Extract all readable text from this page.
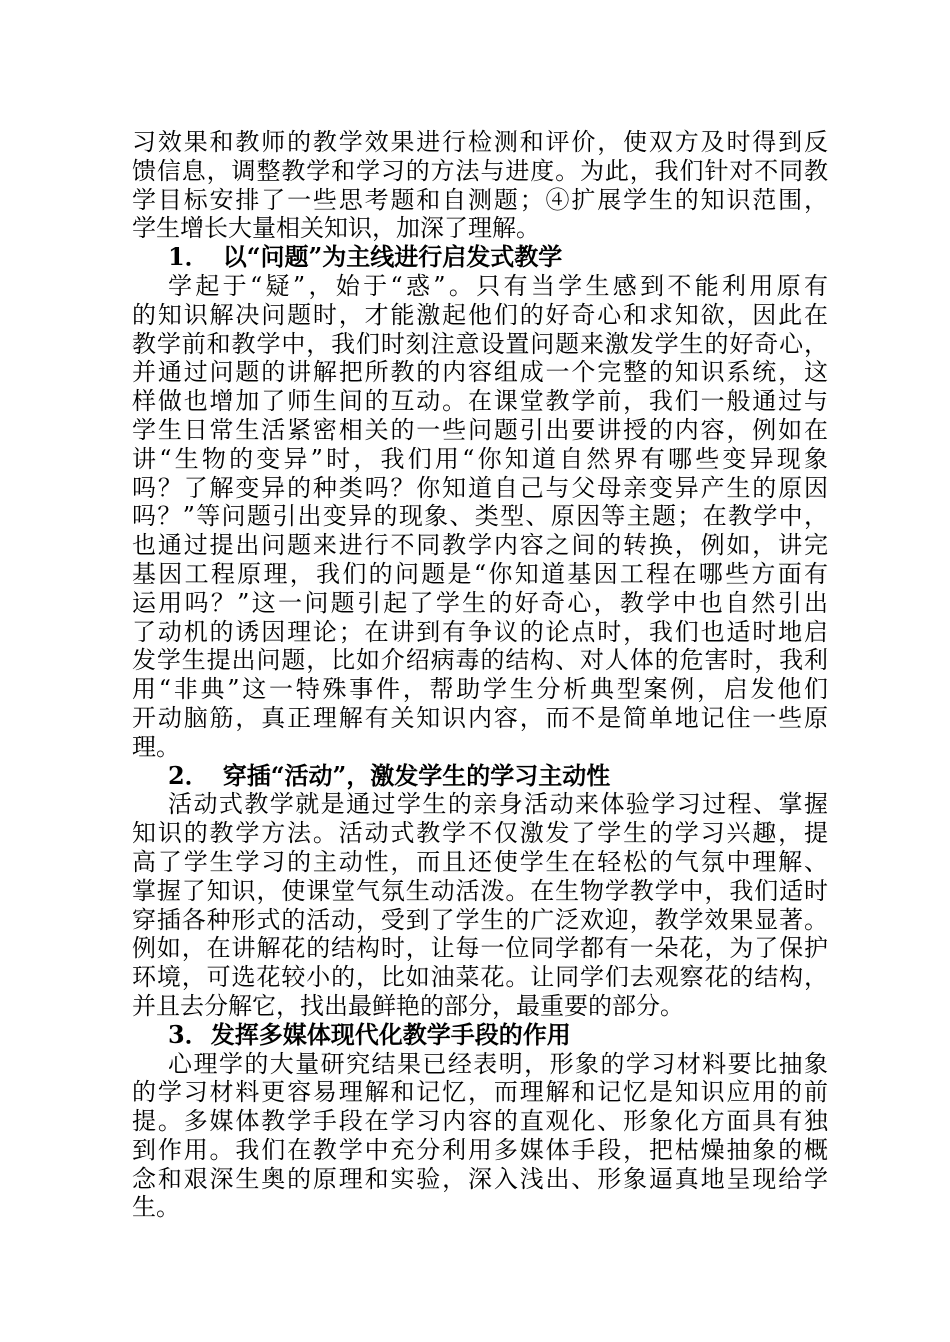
习效果和教师的教学效果进行检测和评价，使双方及时得到反
馈信息，调整教学和学习的方法与进度。为此，我们针对不同教
学目标安排了一些思考题和自测题；④扩展学生的知识范围，
学生增长大量相关知识，加深了理解。
1． 以“问题”为主线进行启发式教学
学起于“疑”，始于“惑”。只有当学生感到不能利用原有
的知识解决问题时，才能激起他们的好奇心和求知欲，因此在
教学前和教学中，我们时刻注意设置问题来激发学生的好奇心，
并通过问题的讲解把所教的内容组成一个完整的知识系统，这
样做也增加了师生间的互动。在课堂教学前，我们一般通过与
学生日常生活紧密相关的一些问题引出要讲授的内容，例如在
讲“生物的变异”时，我们用“你知道自然界有哪些变异现象
吗？了解变异的种类吗？你知道自己与父母亲变异产生的原因
吗？”等问题引出变异的现象、类型、原因等主题；在教学中，
也通过提出问题来进行不同教学内容之间的转换，例如，讲完
基因工程原理，我们的问题是“你知道基因工程在哪些方面有
运用吗？”这一问题引起了学生的好奇心，教学中也自然引出
了动机的诱因理论；在讲到有争议的论点时，我们也适时地启
发学生提出问题，比如介绍病毒的结构、对人体的危害时，我利
用“非典”这一特殊事件，帮助学生分析典型案例，启发他们
开动脑筋，真正理解有关知识内容，而不是简单地记住一些原
理。
2． 穿插“活动”，激发学生的学习主动性
活动式教学就是通过学生的亲身活动来体验学习过程、掌握
知识的教学方法。活动式教学不仅激发了学生的学习兴趣，提
高了学生学习的主动性，而且还使学生在轻松的气氛中理解、
掌握了知识，使课堂气氛生动活泼。在生物学教学中，我们适时
穿插各种形式的活动，受到了学生的广泛欢迎，教学效果显著。
例如，在讲解花的结构时，让每一位同学都有一朵花，为了保护
环境，可选花较小的，比如油菜花。让同学们去观察花的结构，
并且去分解它，找出最鲜艳的部分，最重要的部分。
3．发挥多媒体现代化教学手段的作用
心理学的大量研究结果已经表明，形象的学习材料要比抽象
的学习材料更容易理解和记忆，而理解和记忆是知识应用的前
提。多媒体教学手段在学习内容的直观化、形象化方面具有独
到作用。我们在教学中充分利用多媒体手段，把枯燥抽象的概
念和艰深生奥的原理和实验，深入浅出、形象逼真地呈现给学
生。
